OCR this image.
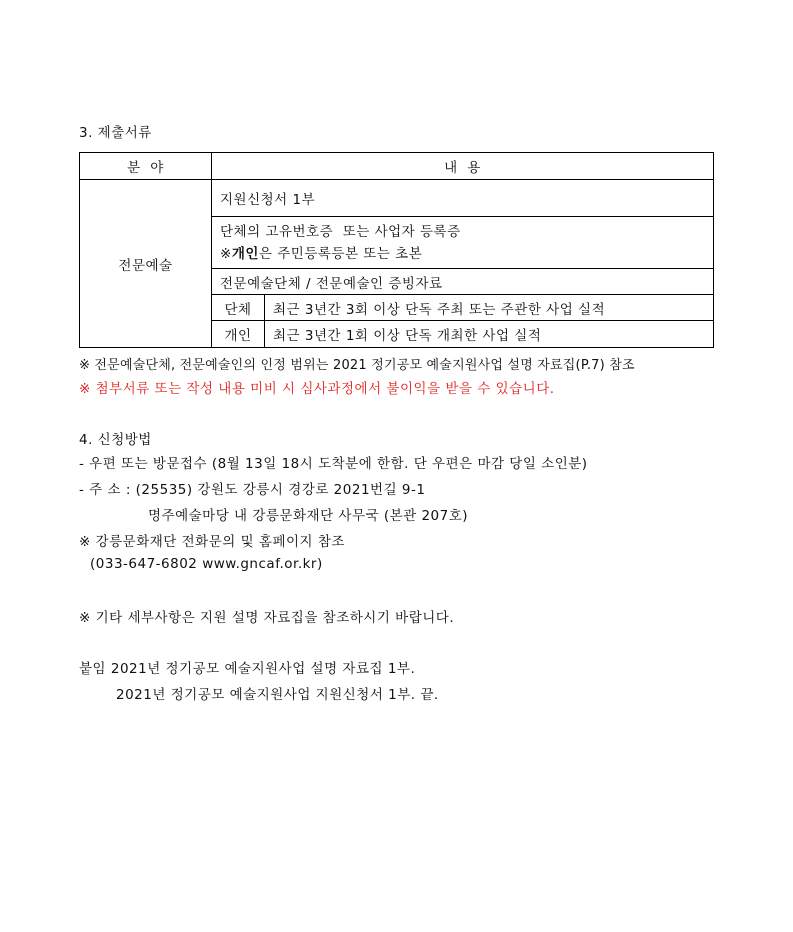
3. 제출서류
분  야	내  용
전문예술	지원신청서 1부

단체의 고유번호증  또는 사업자 등록증
※개인은 주민등록등본 또는 초본

전문예술단체 / 전문예술인 증빙자료

단체	최근 3년간 3회 이상 단독 주최 또는 주관한 사업 실적

개인	최근 3년간 1회 이상 단독 개최한 사업 실적
※ 전문예술단체, 전문예술인의 인정 범위는 2021 정기공모 예술지원사업 설명 자료집(P.7) 참조
※ 첨부서류 또는 작성 내용 미비 시 심사과정에서 불이익을 받을 수 있습니다.
4. 신청방법
- 우편 또는 방문접수 (8월 13일 18시 도착분에 한함. 단 우편은 마감 당일 소인분)
- 주 소 : (25535) 강원도 강릉시 경강로 2021번길 9-1
명주예술마당 내 강릉문화재단 사무국 (본관 207호)
※ 강릉문화재단 전화문의 및 홈페이지 참조
(033-647-6802 www.gncaf.or.kr)
※ 기타 세부사항은 지원 설명 자료집을 참조하시기 바랍니다.
붙임 2021년 정기공모 예술지원사업 설명 자료집 1부.
2021년 정기공모 예술지원사업 지원신청서 1부. 끝.
